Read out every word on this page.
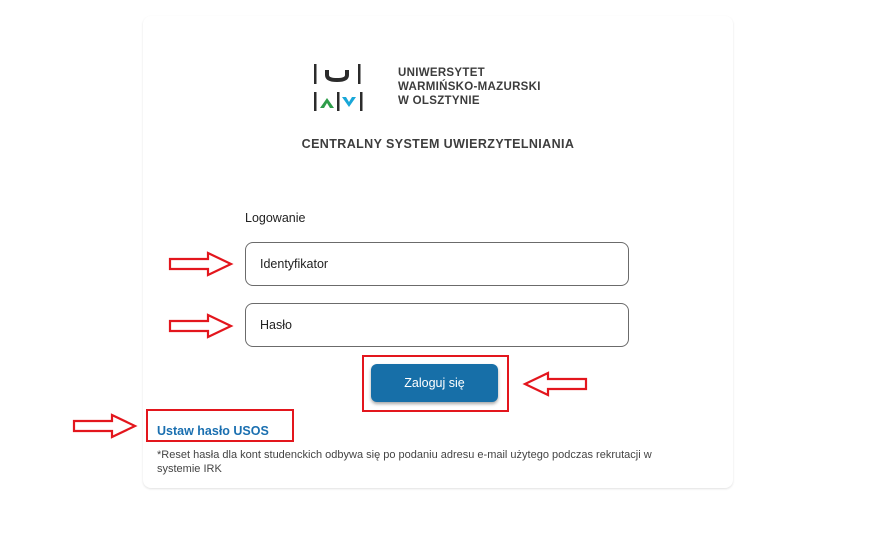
UNIWERSYTET
WARMIŃSKO-MAZURSKI
W OLSZTYNIE
CENTRALNY SYSTEM UWIERZYTELNIANIA
Logowanie
Identyfikator
Zaloguj się
Ustaw hasło USOS
*Reset hasła dla kont studenckich odbywa się po podaniu adresu e-mail użytego podczas rekrutacji w systemie IRK
